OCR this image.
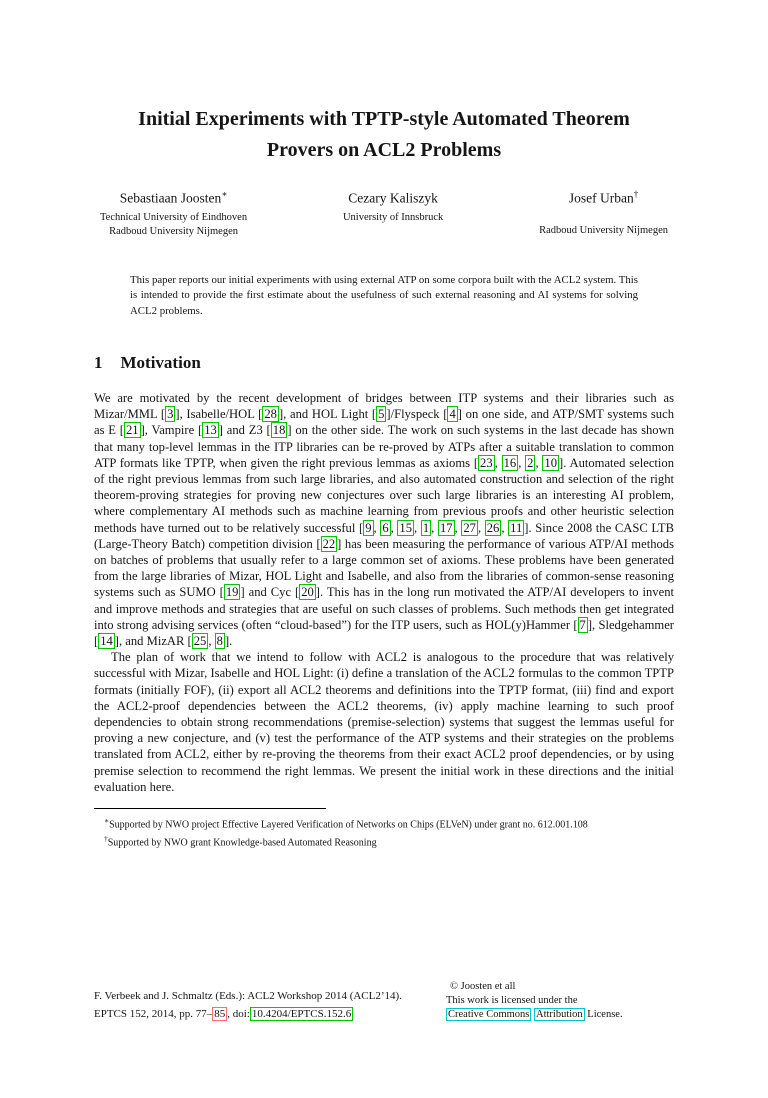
Initial Experiments with TPTP-style Automated Theorem
Provers on ACL2 Problems
Sebastiaan Joosten∗
Technical University of Eindhoven
Radboud University Nijmegen
Cezary Kaliszyk
University of Innsbruck
Josef Urban†
Radboud University Nijmegen
This paper reports our initial experiments with using external ATP on some corpora built with the ACL2 system. This is intended to provide the first estimate about the usefulness of such external reasoning and AI systems for solving ACL2 problems.
1 Motivation

We are motivated by the recent development of bridges between ITP systems and their libraries such as Mizar/MML [ 3 ], Isabelle/HOL [ 28 ], and HOL Light [ 5 ]/Flyspeck [ 4 ] on one side, and ATP/SMT systems such as E [ 21 ], Vampire [ 13 ] and Z3 [ 18 ] on the other side. The work on such systems in the last decade has shown that many top-level lemmas in the ITP libraries can be re-proved by ATPs after a suitable translation to common ATP formats like TPTP, when given the right previous lemmas as axioms [ 23 , 16 , 2 , 10 ]. Automated selection of the right previous lemmas from such large libraries, and also automated construction and selection of the right theorem-proving strategies for proving new conjectures over such large libraries is an interesting AI problem, where complementary AI methods such as machine learning from previous proofs and other heuristic selection methods have turned out to be relatively successful [ 9 , 6 , 15 , 1 , 17 , 27 , 26 , 11 ]. Since 2008 the CASC LTB (Large-Theory Batch) competition division [ 22 ] has been measuring the performance of various ATP/AI methods on batches of problems that usually refer to a large common set of axioms. These problems have been generated from the large libraries of Mizar, HOL Light and Isabelle, and also from the libraries of common-sense reasoning systems such as SUMO [ 19 ] and Cyc [ 20 ]. This has in the long run motivated the ATP/AI developers to invent and improve methods and strategies that are useful on such classes of problems. Such methods then get integrated into strong advising services (often “cloud-based”) for the ITP users, such as HOL(y)Hammer [ 7 ], Sledgehammer [ 14 ], and MizAR [ 25 , 8 ].

The plan of work that we intend to follow with ACL2 is analogous to the procedure that was relatively successful with Mizar, Isabelle and HOL Light: (i) define a translation of the ACL2 formulas to the common TPTP formats (initially FOF), (ii) export all ACL2 theorems and definitions into the TPTP format, (iii) find and export the ACL2-proof dependencies between the ACL2 theorems, (iv) apply machine learning to such proof dependencies to obtain strong recommendations (premise-selection) systems that suggest the lemmas useful for proving a new conjecture, and (v) test the performance of the ATP systems and their strategies on the problems translated from ACL2, either by re-proving the theorems from their exact ACL2 proof dependencies, or by using premise selection to recommend the right lemmas. We present the initial work in these directions and the initial evaluation here.

∗Supported by NWO project Effective Layered Verification of Networks on Chips (ELVeN) under grant no. 612.001.108
†Supported by NWO grant Knowledge-based Automated Reasoning
F. Verbeek and J. Schmaltz (Eds.): ACL2 Workshop 2014 (ACL2’14).
EPTCS 152, 2014, pp. 77– 85 , doi: 10.4204/EPTCS.152.6
© Joosten et all
This work is licensed under the
Creative Commons Attribution License.
